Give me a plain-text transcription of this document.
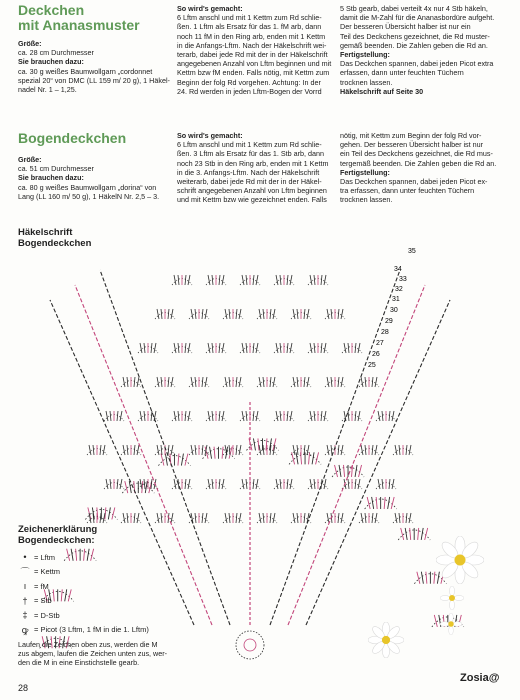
Deckchen
mit Ananasmuster

Größe:

ca. 28 cm Durchmesser

Sie brauchen dazu:

ca. 30 g weißes Baumwollgarn „cordonnet

spezial 20“ von DMC (LL 159 m/ 20 g), 1 Häkel-

nadel Nr. 1 – 1,25.

So wird's gemacht:

6 Lftm anschl und mit 1 Kettm zum Rd schlie-

ßen. 1 Lftm als Ersatz für das 1. fM arb, dann

noch 11 fM in den Ring arb, enden mit 1 Kettm

in die Anfangs-Lftm. Nach der Häkelschrift wei-

terarb, dabei jede Rd mit der in der Häkelschrift

angegebenen Anzahl von Lftm beginnen und mit

Kettm bzw fM enden. Falls nötig, mit Kettm zum

Beginn der folg Rd vorgehen. Achtung: In der

24. Rd werden in jeden Lftm-Bogen der Vorrd

5 Stb gearb, dabei verteilt 4x nur 4 Stb häkeln,

damit die M-Zahl für die Ananasbordüre aufgeht.

Der besseren Übersicht halber ist nur ein

Teil des Deckchens gezeichnet, die Rd muster-

gemäß beenden. Die Zahlen geben die Rd an.

Fertigstellung:

Das Deckchen spannen, dabei jeden Picot extra

erfassen, dann unter feuchten Tüchern

trocknen lassen.

Häkelschrift auf Seite 30

Bogendeckchen

Größe:

ca. 51 cm Durchmesser

Sie brauchen dazu:

ca. 80 g weißes Baumwollgarn „dorina“ von

Lang (LL 160 m/ 50 g), 1 HäkelN Nr. 2,5 – 3.

So wird's gemacht:

6 Lftm anschl und mit 1 Kettm zum Rd schlie-

ßen. 3 Lftm als Ersatz für das 1. Stb arb, dann

noch 23 Stb in den Ring arb, enden mit 1 Kettm

in die 3. Anfangs-Lftm. Nach der Häkelschrift

weiterarb, dabei jede Rd mit der in der Häkel-

schrift angegebenen Anzahl von Lftm beginnen

und mit Kettm bzw wie gezeichnet enden. Falls

nötig, mit Kettm zum Beginn der folg Rd vor-

gehen. Der besseren Übersicht halber ist nur

ein Teil des Deckchens gezeichnet, die Rd mus-

tergemäß beenden. Die Zahlen geben die Rd an.

Fertigstellung:

Das Deckchen spannen, dabei jeden Picot ex-

tra erfassen, dann unter feuchten Tüchern

trocknen lassen.

Häkelschrift
Bogendeckchen
35
34
33
32
31
30
29
28
27
26
25
Zeichenerklärung
Bogendeckchen:
• = Lftm
⌒ = Kettm
ı	= fM
† = Stb
‡ = D-Stb
ꝙ = Picot (3 Lftm, 1 fM in die 1. Lftm)
Laufen die Zeichen oben zus, werden die M
zus abgem, laufen die Zeichen unten zus, wer-
den die M in eine Einstichstelle gearb.
28
Zosia@
